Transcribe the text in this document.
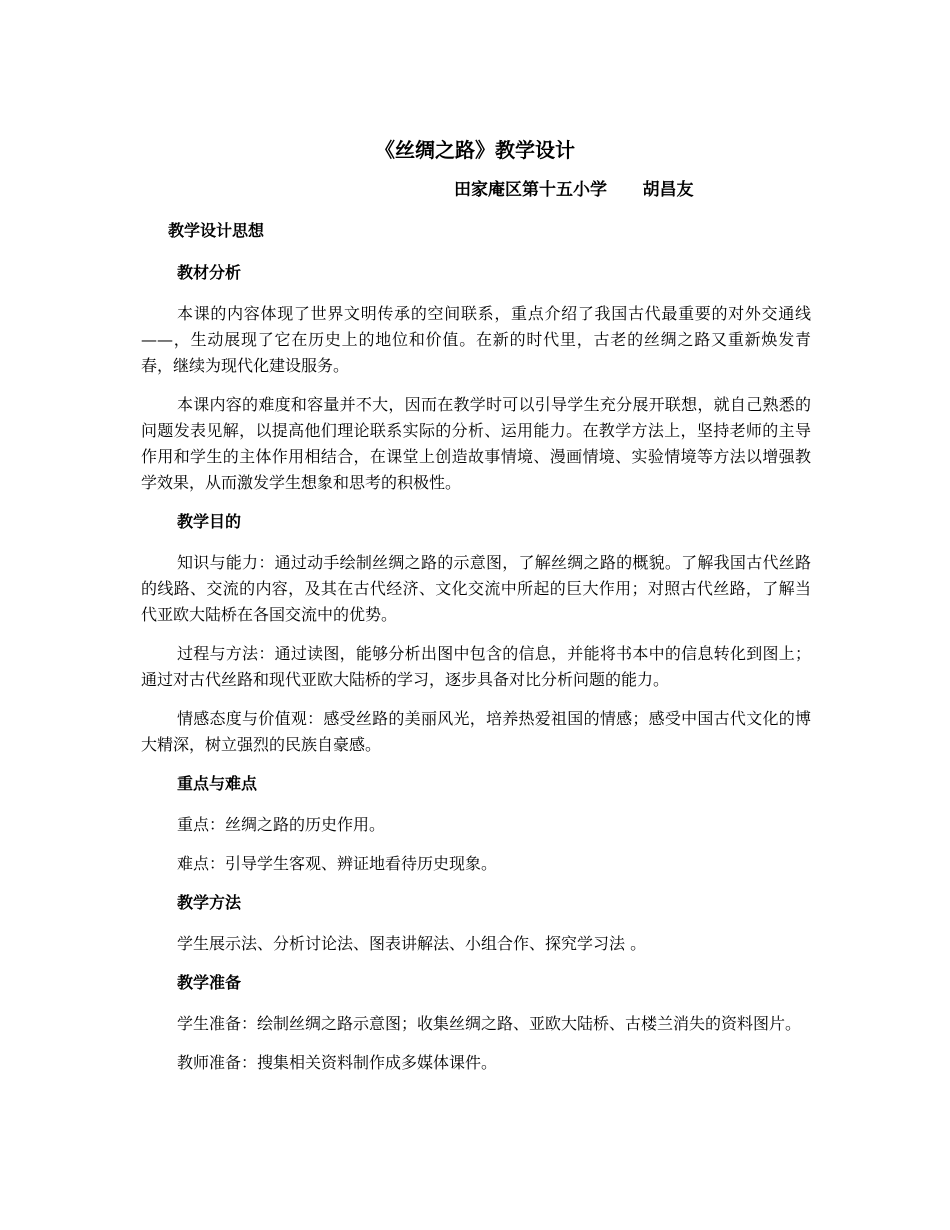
《丝绸之路》教学设计
田家庵区第十五小学      胡昌友
教学设计思想
教材分析

本课的内容体现了世界文明传承的空间联系，重点介绍了我国古代最重要的对外交通线——，生动展现了它在历史上的地位和价值。在新的时代里，古老的丝绸之路又重新焕发青春，继续为现代化建设服务。

本课内容的难度和容量并不大，因而在教学时可以引导学生充分展开联想，就自己熟悉的问题发表见解，以提高他们理论联系实际的分析、运用能力。在教学方法上，坚持老师的主导作用和学生的主体作用相结合，在课堂上创造故事情境、漫画情境、实验情境等方法以增强教学效果，从而激发学生想象和思考的积极性。

教学目的

知识与能力：通过动手绘制丝绸之路的示意图，了解丝绸之路的概貌。了解我国古代丝路的线路、交流的内容，及其在古代经济、文化交流中所起的巨大作用；对照古代丝路，了解当代亚欧大陆桥在各国交流中的优势。

过程与方法：通过读图，能够分析出图中包含的信息，并能将书本中的信息转化到图上；通过对古代丝路和现代亚欧大陆桥的学习，逐步具备对比分析问题的能力。

情感态度与价值观：感受丝路的美丽风光，培养热爱祖国的情感；感受中国古代文化的博大精深，树立强烈的民族自豪感。

重点与难点

重点：丝绸之路的历史作用。

难点：引导学生客观、辨证地看待历史现象。

教学方法

学生展示法、分析讨论法、图表讲解法、小组合作、探究学习法 。

教学准备

学生准备：绘制丝绸之路示意图；收集丝绸之路、亚欧大陆桥、古楼兰消失的资料图片。

教师准备：搜集相关资料制作成多媒体课件。
